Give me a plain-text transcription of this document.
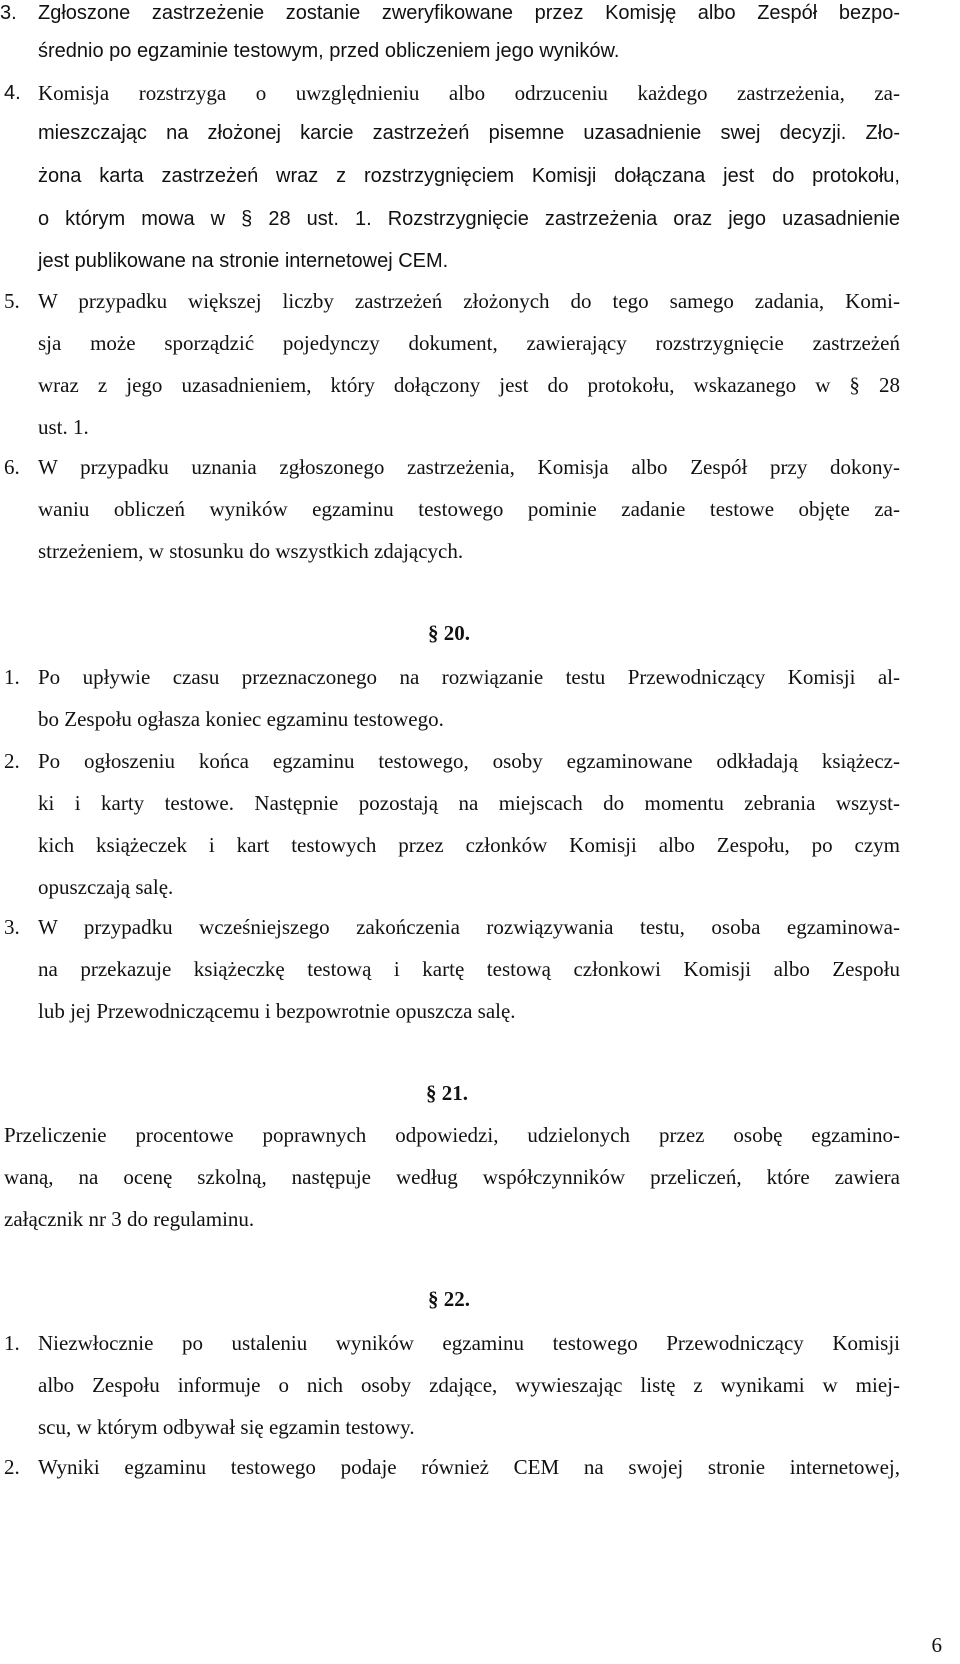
3. Zgłoszone zastrzeżenie zostanie zweryfikowane przez Komisję albo Zespół bezpo-
średnio po egzaminie testowym, przed obliczeniem jego wyników.
4. Komisja rozstrzyga o uwzględnieniu albo odrzuceniu każdego zastrzeżenia, za-
mieszczając na złożonej karcie zastrzeżeń pisemne uzasadnienie swej decyzji. Zło-
żona karta zastrzeżeń wraz z rozstrzygnięciem Komisji dołączana jest do protokołu,
o którym mowa w § 28 ust. 1. Rozstrzygnięcie zastrzeżenia oraz jego uzasadnienie
jest publikowane na stronie internetowej CEM.
5. W przypadku większej liczby zastrzeżeń złożonych do tego samego zadania, Komi-
sja może sporządzić pojedynczy dokument, zawierający rozstrzygnięcie zastrzeżeń
wraz z jego uzasadnieniem, który dołączony jest do protokołu, wskazanego w § 28
ust. 1.
6. W przypadku uznania zgłoszonego zastrzeżenia, Komisja albo Zespół przy dokony-
waniu obliczeń wyników egzaminu testowego pominie zadanie testowe objęte za-
strzeżeniem, w stosunku do wszystkich zdających.
§ 20.
1. Po upływie czasu przeznaczonego na rozwiązanie testu Przewodniczący Komisji al-
bo Zespołu ogłasza koniec egzaminu testowego.
2. Po ogłoszeniu końca egzaminu testowego, osoby egzaminowane odkładają książecz-
ki i karty testowe. Następnie pozostają na miejscach do momentu zebrania wszyst-
kich książeczek i kart testowych przez członków Komisji albo Zespołu, po czym
opuszczają salę.
3. W przypadku wcześniejszego zakończenia rozwiązywania testu, osoba egzaminowa-
na przekazuje książeczkę testową i kartę testową członkowi Komisji albo Zespołu
lub jej Przewodniczącemu i bezpowrotnie opuszcza salę.
§ 21.
Przeliczenie procentowe poprawnych odpowiedzi, udzielonych przez osobę egzamino-
waną, na ocenę szkolną, następuje według współczynników przeliczeń, które zawiera
załącznik nr 3 do regulaminu.
§ 22.
1. Niezwłocznie po ustaleniu wyników egzaminu testowego Przewodniczący Komisji
albo Zespołu informuje o nich osoby zdające, wywieszając listę z wynikami w miej-
scu, w którym odbywał się egzamin testowy.
2. Wyniki egzaminu testowego podaje również CEM na swojej stronie internetowej,
6
